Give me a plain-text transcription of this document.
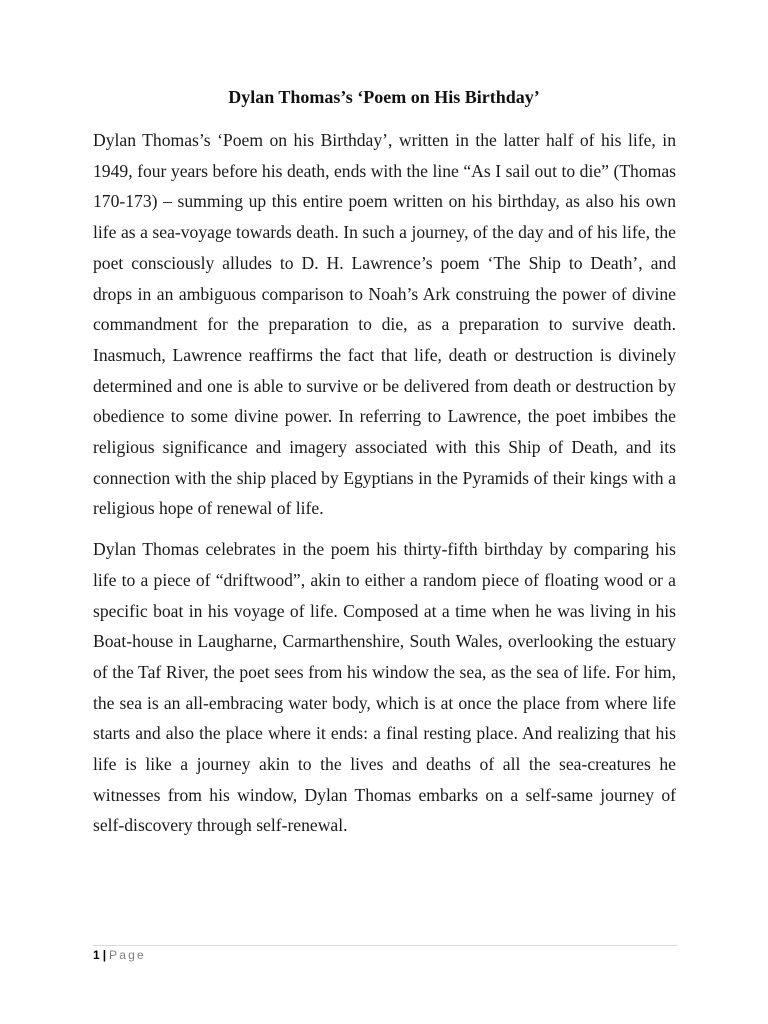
Dylan Thomas’s ‘Poem on His Birthday’

Dylan Thomas’s ‘Poem on his Birthday’, written in the latter half of his life, in 1949, four years before his death, ends with the line “As I sail out to die” (Thomas 170-173) – summing up this entire poem written on his birthday, as also his own life as a sea-voyage towards death. In such a journey, of the day and of his life, the poet consciously alludes to D. H. Lawrence’s poem ‘The Ship to Death’, and drops in an ambiguous comparison to Noah’s Ark construing the power of divine commandment for the preparation to die, as a preparation to survive death. Inasmuch, Lawrence reaffirms the fact that life, death or destruction is divinely determined and one is able to survive or be delivered from death or destruction by obedience to some divine power. In referring to Lawrence, the poet imbibes the religious significance and imagery associated with this Ship of Death, and its connection with the ship placed by Egyptians in the Pyramids of their kings with a religious hope of renewal of life.

Dylan Thomas celebrates in the poem his thirty-fifth birthday by comparing his life to a piece of “driftwood”, akin to either a random piece of floating wood or a specific boat in his voyage of life. Composed at a time when he was living in his Boat-house in Laugharne, Carmarthenshire, South Wales, overlooking the estuary of the Taf River, the poet sees from his window the sea, as the sea of life. For him, the sea is an all-embracing water body, which is at once the place from where life starts and also the place where it ends: a final resting place. And realizing that his life is like a journey akin to the lives and deaths of all the sea-creatures he witnesses from his window, Dylan Thomas embarks on a self-same journey of self-discovery through self-renewal.

1 | Page
